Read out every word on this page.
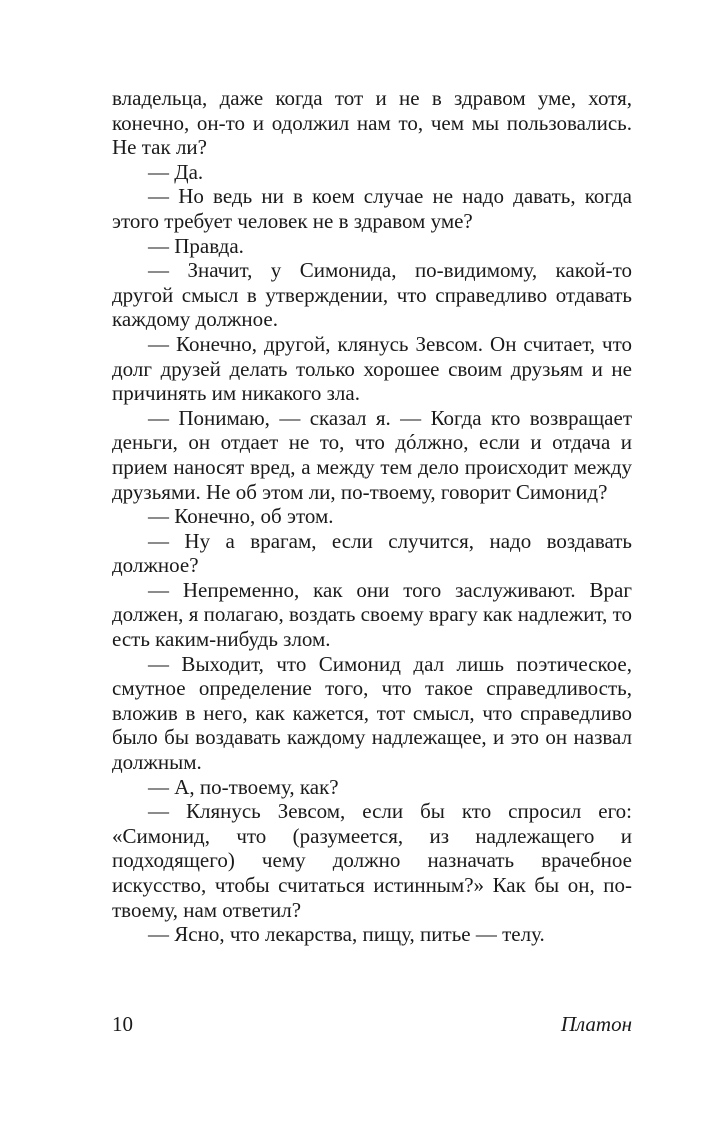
владельца, даже когда тот и не в здравом уме, хотя, конечно, он-то и одолжил нам то, чем мы пользовались. Не так ли?

— Да.

— Но ведь ни в коем случае не надо давать, когда этого требует человек не в здравом уме?

— Правда.

— Значит, у Симонида, по-видимому, какой-то другой смысл в утверждении, что справедливо отдавать каждому должное.

— Конечно, другой, клянусь Зевсом. Он считает, что долг друзей делать только хорошее своим друзьям и не причинять им никакого зла.

— Понимаю, — сказал я. — Когда кто возвращает деньги, он отдает не то, что дóлжно, если и отдача и прием наносят вред, а между тем дело происходит между друзьями. Не об этом ли, по-твоему, говорит Симонид?

— Конечно, об этом.

— Ну а врагам, если случится, надо воздавать должное?

— Непременно, как они того заслуживают. Враг должен, я полагаю, воздать своему врагу как надлежит, то есть каким-нибудь злом.

— Выходит, что Симонид дал лишь поэтическое, смутное определение того, что такое справедливость, вложив в него, как кажется, тот смысл, что справедливо было бы воздавать каждому надлежащее, и это он назвал должным.

— А, по-твоему, как?

— Клянусь Зевсом, если бы кто спросил его: «Симонид, что (разумеется, из надлежащего и подходящего) чему должно назначать врачебное искусство, чтобы считаться истинным?» Как бы он, по-твоему, нам ответил?

— Ясно, что лекарства, пищу, питье — телу.

10	Платон
